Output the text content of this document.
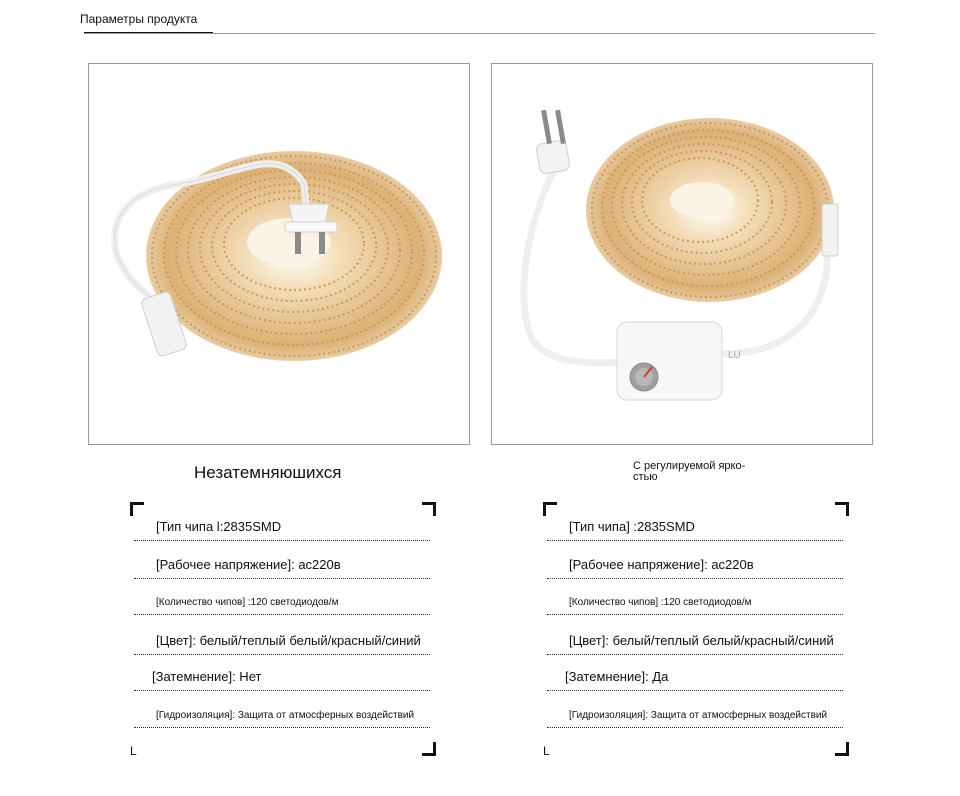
Параметры продукта
LU
Незатемняюшихся	С регулируемой ярко-
стью
L
[Тип чипа l:2835SMD
[Рабочее напряжение]: ac220в
[Количество чипов] :120 светодиодов/м
[Цвет]: белый/теплый белый/красный/синий
[Затемнение]: Нет
[Гидроизоляция]: Защита от атмосферных воздействий
L
[Тип чипа] :2835SMD
[Рабочее напряжение]: ac220в
[Количество чипов] :120 светодиодов/м
[Цвет]: белый/теплый белый/красный/синий
[Затемнение]: Да
[Гидроизоляция]: Защита от атмосферных воздействий
